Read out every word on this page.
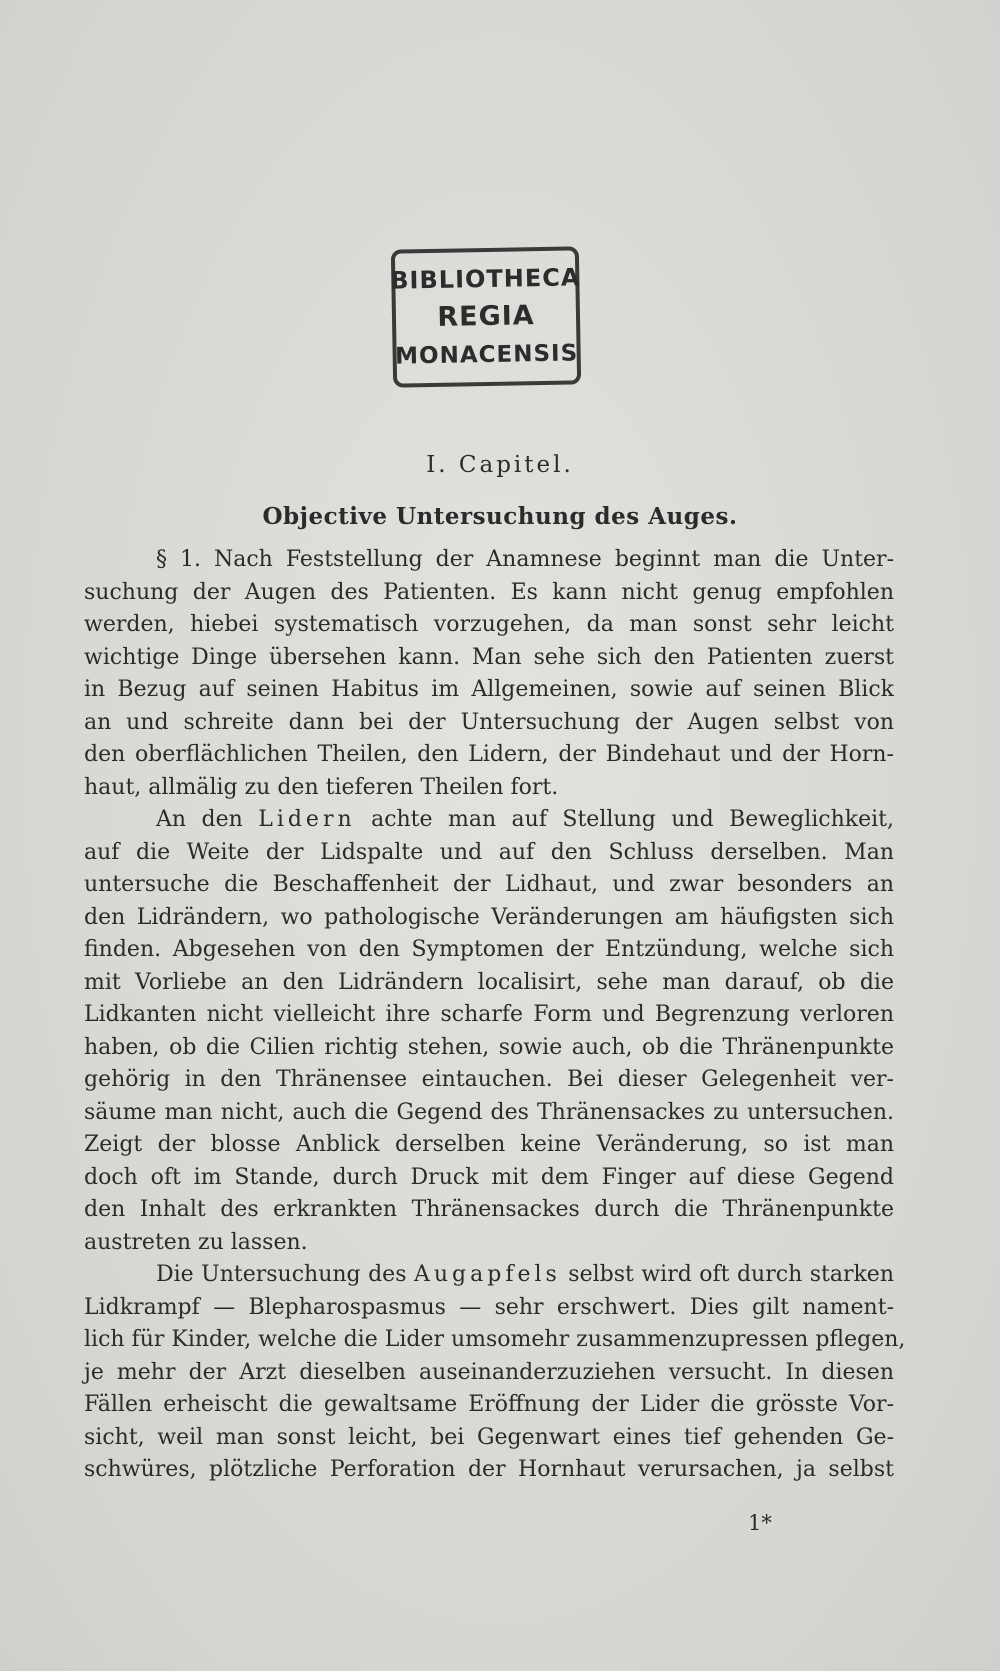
BIBLIOTHECA
REGIA
MONACENSIS
I. Capitel.
Objective Untersuchung des Auges.
§ 1. Nach Feststellung der Anamnese beginnt man die Unter-
suchung der Augen des Patienten. Es kann nicht genug empfohlen
werden, hiebei systematisch vorzugehen, da man sonst sehr leicht
wichtige Dinge übersehen kann. Man sehe sich den Patienten zuerst
in Bezug auf seinen Habitus im Allgemeinen, sowie auf seinen Blick
an und schreite dann bei der Untersuchung der Augen selbst von
den oberflächlichen Theilen, den Lidern, der Bindehaut und der Horn-
haut, allmälig zu den tieferen Theilen fort.
An den Lidern achte man auf Stellung und Beweglichkeit,
auf die Weite der Lidspalte und auf den Schluss derselben. Man
untersuche die Beschaffenheit der Lidhaut, und zwar besonders an
den Lidrändern, wo pathologische Veränderungen am häufigsten sich
finden. Abgesehen von den Symptomen der Entzündung, welche sich
mit Vorliebe an den Lidrändern localisirt, sehe man darauf, ob die
Lidkanten nicht vielleicht ihre scharfe Form und Begrenzung verloren
haben, ob die Cilien richtig stehen, sowie auch, ob die Thränenpunkte
gehörig in den Thränensee eintauchen. Bei dieser Gelegenheit ver-
säume man nicht, auch die Gegend des Thränensackes zu untersuchen.
Zeigt der blosse Anblick derselben keine Veränderung, so ist man
doch oft im Stande, durch Druck mit dem Finger auf diese Gegend
den Inhalt des erkrankten Thränensackes durch die Thränenpunkte
austreten zu lassen.
Die Untersuchung des Augapfels selbst wird oft durch starken
Lidkrampf — Blepharospasmus — sehr erschwert. Dies gilt nament-
lich für Kinder, welche die Lider umsomehr zusammenzupressen pflegen,
je mehr der Arzt dieselben auseinanderzuziehen versucht. In diesen
Fällen erheischt die gewaltsame Eröffnung der Lider die grösste Vor-
sicht, weil man sonst leicht, bei Gegenwart eines tief gehenden Ge-
schwüres, plötzliche Perforation der Hornhaut verursachen, ja selbst
1*
